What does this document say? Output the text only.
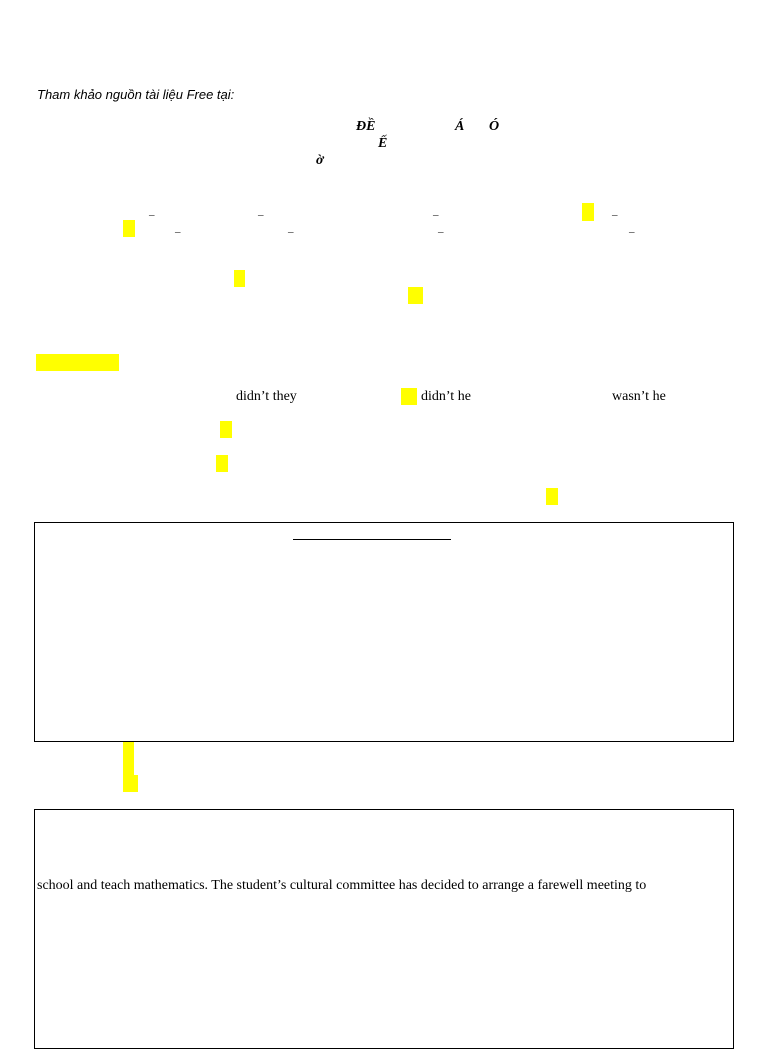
Tham khảo nguồn tài liệu Free tại:
ĐỀ	Á Ó
Ế
ờ
–	–	–	–
–	–	–	–
didn’t they	didn’t he	wasn’t he
school and teach mathematics. The student’s cultural committee has decided to arrange a farewell meeting to
